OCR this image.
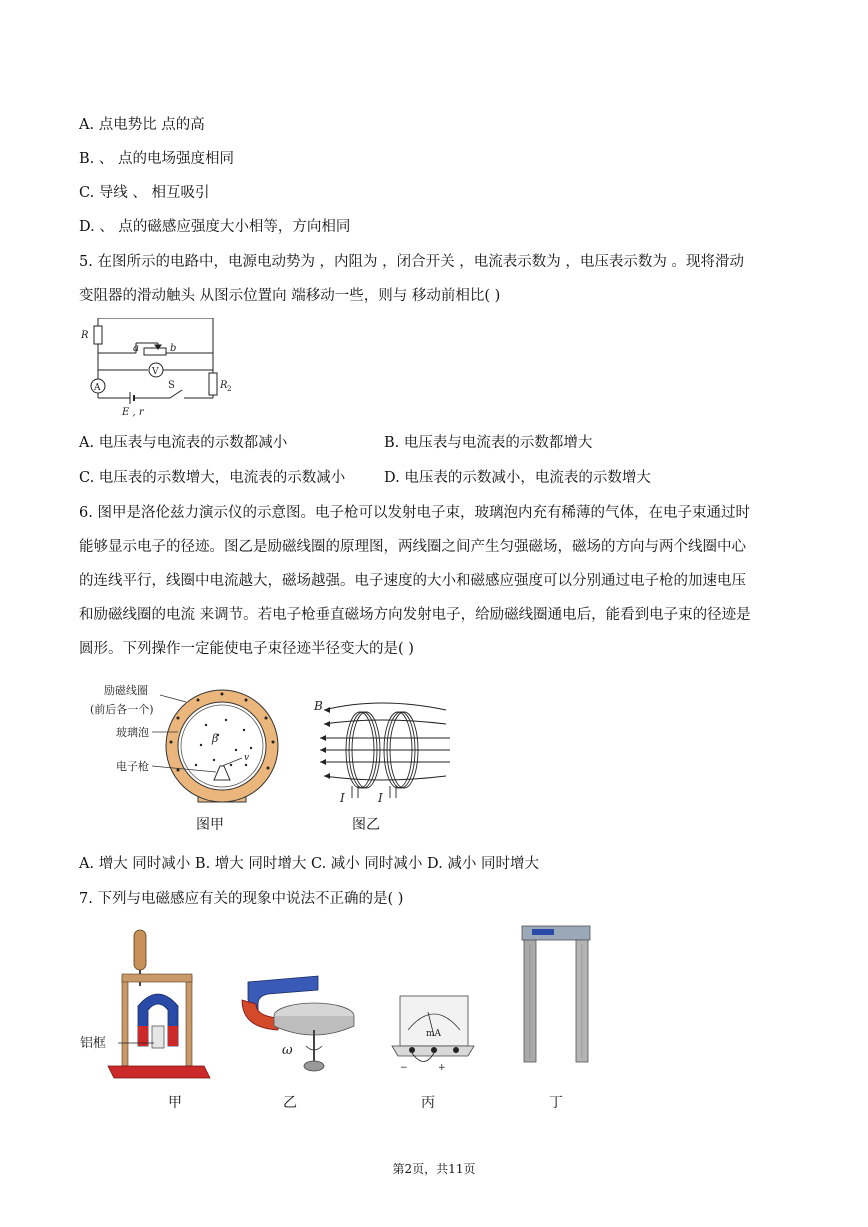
A. 点电势比 点的高
B. 、 点的电场强度相同
C. 导线 、 相互吸引
D. 、 点的磁感应强度大小相等，方向相同
5. 在图所示的电路中，电源电动势为 ，内阻为 ，闭合开关 ，电流表示数为 ，电压表示数为 。现将滑动
变阻器的滑动触头 从图示位置向 端移动一些，则与 移动前相比( )
R
a	b
V
A	S	R 2
E , r
A. 电压表与电流表的示数都减小	B. 电压表与电流表的示数都增大
C. 电压表的示数增大，电流表的示数减小	D. 电压表的示数减小，电流表的示数增大
6. 图甲是洛伦兹力演示仪的示意图。电子枪可以发射电子束，玻璃泡内充有稀薄的气体，在电子束通过时
能够显示电子的径迹。图乙是励磁线圈的原理图，两线圈之间产生匀强磁场，磁场的方向与两个线圈中心
的连线平行，线圈中电流越大，磁场越强。电子速度的大小和磁感应强度可以分别通过电子枪的加速电压
和励磁线圈的电流 来调节。若电子枪垂直磁场方向发射电子，给励磁线圈通电后，能看到电子束的径迹是
圆形。下列操作一定能使电子束径迹半径变大的是( )
励磁线圈
(前后各一个)
玻璃泡
电子枪
β
v
图甲
B
I	I
图乙
A. 增大 同时减小 B. 增大 同时增大 C. 减小 同时减小 D. 减小 同时增大
7. 下列与电磁感应有关的现象中说法不正确的是( )
铝框
甲
ω
乙
mA
−	+
丙	丁
第2页，共11页
